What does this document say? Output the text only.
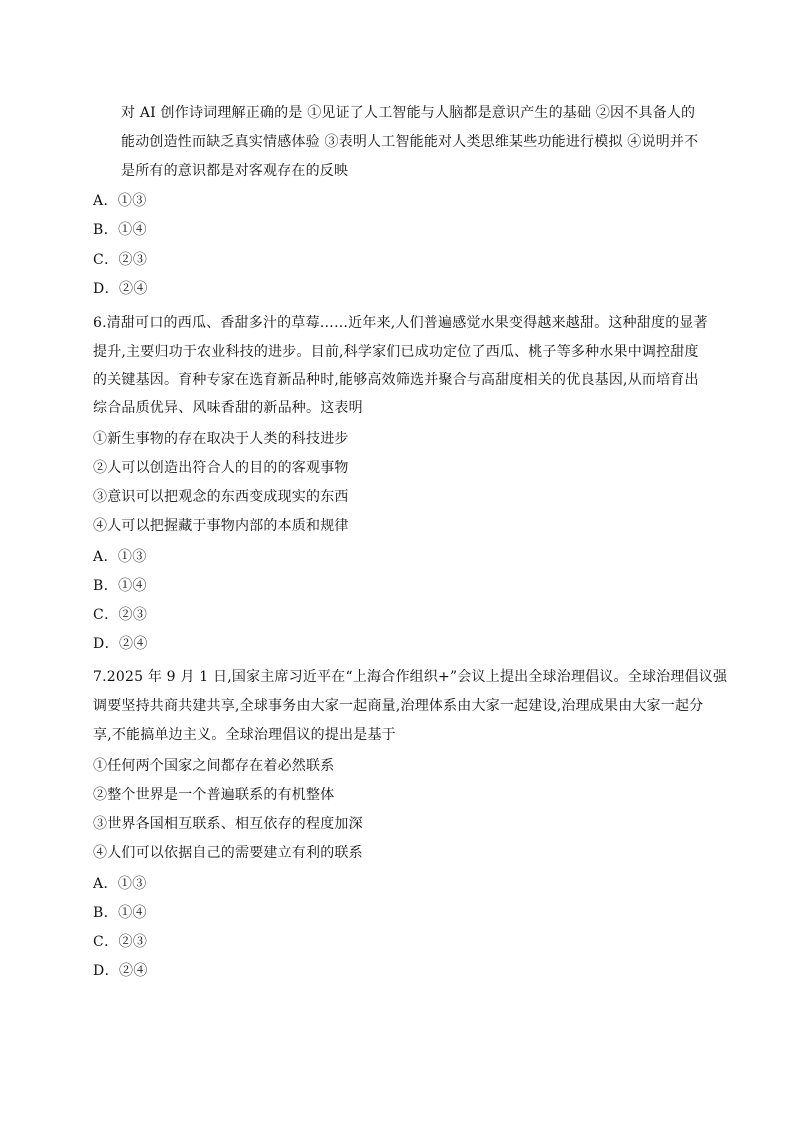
对 AI 创作诗词理解正确的是 ①见证了人工智能与人脑都是意识产生的基础 ②因不具备人的
能动创造性而缺乏真实情感体验 ③表明人工智能能对人类思维某些功能进行模拟 ④说明并不
是所有的意识都是对客观存在的反映
A．①③
B．①④
C．②③
D．②④
6.清甜可口的西瓜、香甜多汁的草莓……近年来,人们普遍感觉水果变得越来越甜。这种甜度的显著
提升,主要归功于农业科技的进步。目前,科学家们已成功定位了西瓜、桃子等多种水果中调控甜度
的关键基因。育种专家在选育新品种时,能够高效筛选并聚合与高甜度相关的优良基因,从而培育出
综合品质优异、风味香甜的新品种。这表明
①新生事物的存在取决于人类的科技进步
②人可以创造出符合人的目的的客观事物
③意识可以把观念的东西变成现实的东西
④人可以把握藏于事物内部的本质和规律
A．①③
B．①④
C．②③
D．②④
7.2025 年 9 月 1 日,国家主席习近平在“上海合作组织+”会议上提出全球治理倡议。全球治理倡议强
调要坚持共商共建共享,全球事务由大家一起商量,治理体系由大家一起建设,治理成果由大家一起分
享,不能搞单边主义。全球治理倡议的提出是基于
①任何两个国家之间都存在着必然联系
②整个世界是一个普遍联系的有机整体
③世界各国相互联系、相互依存的程度加深
④人们可以依据自己的需要建立有利的联系
A．①③
B．①④
C．②③
D．②④
